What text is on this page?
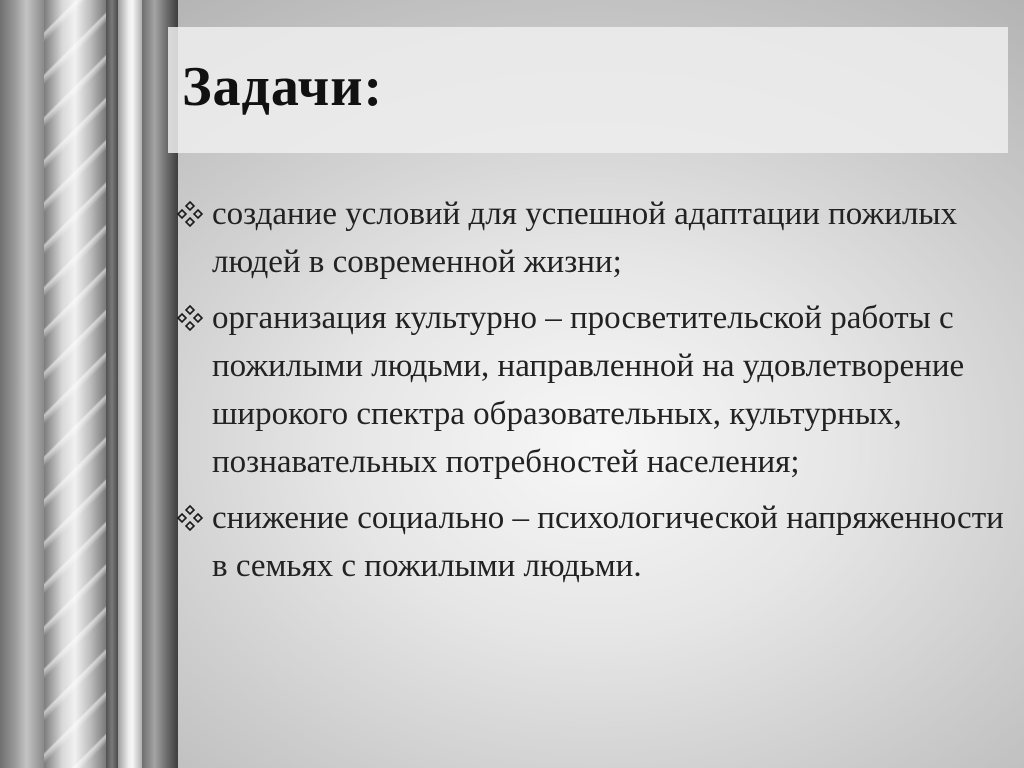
Задачи:
создание условий для успешной адаптации пожилых людей в современной жизни;
организация культурно – просветительской работы с пожилыми людьми, направленной на удовлетворение широкого спектра образовательных, культурных, познавательных потребностей населения;
снижение социально – психологической напряженности в семьях с пожилыми людьми.
